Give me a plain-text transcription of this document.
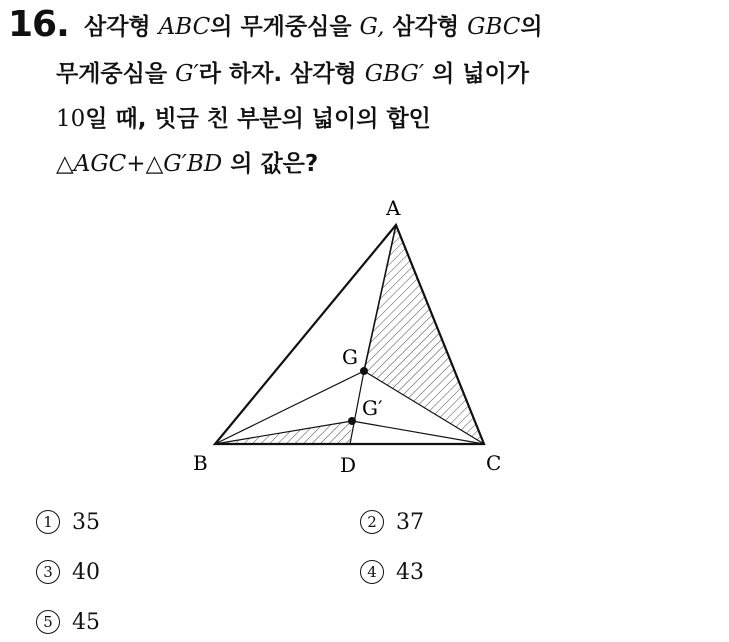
16. 삼각형 ABC의 무게중심을 G, 삼각형 GBC의
무게중심을 G′라 하자. 삼각형 GBG′ 의 넓이가
10일 때, 빗금 친 부분의 넓이의 합인
△AGC+△G′BD 의 값은?
A
B	C
D
G
G′
1 35	2 37
3 40	4 43
5 45
